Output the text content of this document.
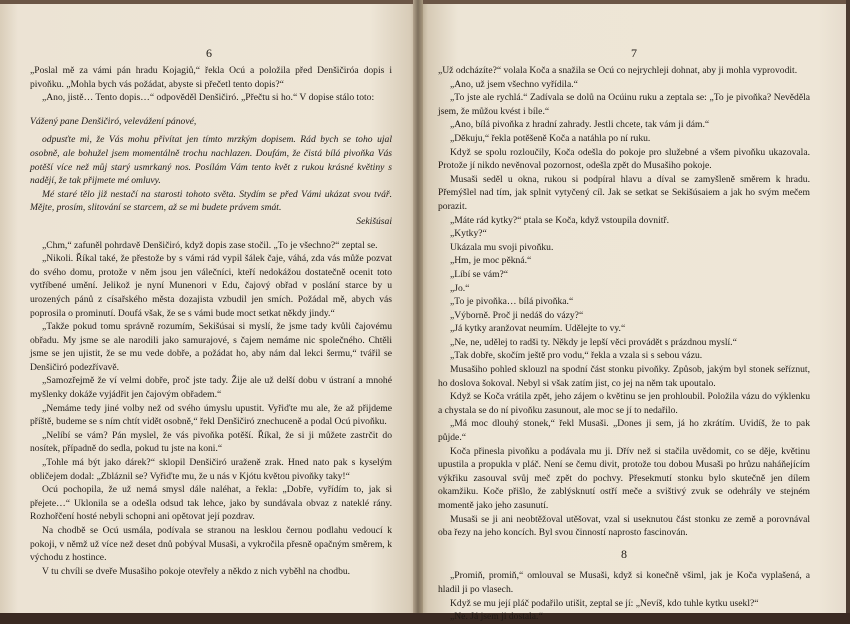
6

„Poslal mě za vámi pán hradu Kojagiů,“ řekla Ocú a položila před Denšičiróa dopis i pivoňku. „Mohla bych vás požádat, abyste si přečetl tento dopis?“

„Ano, jistě… Tento dopis…“ odpověděl Denšičiró. „Přečtu si ho.“ V dopise stálo toto:

Vážený pane Denšičiró, velevážení pánové,

odpusťte mi, že Vás mohu přivítat jen tímto mrzkým dopisem. Rád bych se toho ujal osobně, ale bohužel jsem momentálně trochu nachlazen. Doufám, že čistá bílá pivoňka Vás potěší více než můj starý usmrkaný nos. Posílám Vám tento květ z rukou krásné květiny s nadějí, že tak přijmete mé omluvy.

Mé staré tělo již nestačí na starosti tohoto světa. Stydím se před Vámi ukázat svou tvář. Mějte, prosím, slitování se starcem, až se mi budete právem smát.

Sekišúsai

„Chm,“ zafuněl pohrdavě Denšičiró, když dopis zase stočil. „To je všechno?“ zeptal se.

„Nikoli. Říkal také, že přestože by s vámi rád vypil šálek čaje, váhá, zda vás může pozvat do svého domu, protože v něm jsou jen válečníci, kteří nedokážou dostatečně ocenit toto vytříbené umění. Jelikož je nyní Munenori v Edu, čajový obřad v poslání starce by u urozených pánů z císařského města dozajista vzbudil jen smích. Požádal mě, abych vás poprosila o prominutí. Doufá však, že se s vámi bude moct setkat někdy jindy.“

„Takže pokud tomu správně rozumím, Sekišúsai si myslí, že jsme tady kvůli čajovému obřadu. My jsme se ale narodili jako samurajové, s čajem nemáme nic společného. Chtěli jsme se jen ujistit, že se mu vede dobře, a požádat ho, aby nám dal lekci šermu,“ tvářil se Denšičiró podezřívavě.

„Samozřejmě že ví velmi dobře, proč jste tady. Žije ale už delší dobu v ústraní a mnohé myšlenky dokáže vyjádřit jen čajovým obřadem.“

„Nemáme tedy jiné volby než od svého úmyslu upustit. Vyřiďte mu ale, že až přijdeme příště, budeme se s ním chtít vidět osobně,“ řekl Denšičiró znechuceně a podal Ocú pivoňku.

„Nelíbí se vám? Pán myslel, že vás pivoňka potěší. Říkal, že si ji můžete zastrčit do nosítek, případně do sedla, pokud tu jste na koni.“

„Tohle má být jako dárek?“ sklopil Denšičiró uraženě zrak. Hned nato pak s kyselým obličejem dodal: „Zbláznil se? Vyřiďte mu, že u nás v Kjótu květou pivoňky taky!“

Ocú pochopila, že už nemá smysl dále naléhat, a řekla: „Dobře, vyřídím to, jak si přejete…“ Uklonila se a odešla odsud tak lehce, jako by sundávala obvaz z nateklé rány. Rozhořčení hosté nebyli schopni ani opětovat její pozdrav.

Na chodbě se Ocú usmála, podívala se stranou na lesklou černou podlahu vedoucí k pokoji, v němž už více než deset dnů pobýval Musaši, a vykročila přesně opačným směrem, k východu z hostince.

V tu chvíli se dveře Musašiho pokoje otevřely a někdo z nich vyběhl na chodbu.

7

„Už odcházíte?“ volala Koča a snažila se Ocú co nejrychleji dohnat, aby ji mohla vyprovodit.

„Ano, už jsem všechno vyřídila.“

„To jste ale rychlá.“ Zadívala se dolů na Ocúinu ruku a zeptala se: „To je pivoňka? Nevěděla jsem, že můžou kvést i bíle.“

„Ano, bílá pivoňka z hradní zahrady. Jestli chcete, tak vám ji dám.“

„Děkuju,“ řekla potěšeně Koča a natáhla po ní ruku.

Když se spolu rozloučily, Koča odešla do pokoje pro služebné a všem pivoňku ukazovala. Protože jí nikdo nevěnoval pozornost, odešla zpět do Musašiho pokoje.

Musaši seděl u okna, rukou si podpíral hlavu a díval se zamyšleně směrem k hradu. Přemýšlel nad tím, jak splnit vytyčený cíl. Jak se setkat se Sekišúsaiem a jak ho svým mečem porazit.

„Máte rád kytky?“ ptala se Koča, když vstoupila dovnitř.

„Kytky?“

Ukázala mu svoji pivoňku.

„Hm, je moc pěkná.“

„Líbí se vám?“

„Jo.“

„To je pivoňka… bílá pivoňka.“

„Výborně. Proč ji nedáš do vázy?“

„Já kytky aranžovat neumím. Udělejte to vy.“

„Ne, ne, udělej to radši ty. Někdy je lepší věci provádět s prázdnou myslí.“

„Tak dobře, skočím ještě pro vodu,“ řekla a vzala si s sebou vázu.

Musašiho pohled sklouzl na spodní část stonku pivoňky. Způsob, jakým byl stonek seříznut, ho doslova šokoval. Nebyl si však zatím jist, co jej na něm tak upoutalo.

Když se Koča vrátila zpět, jeho zájem o květinu se jen prohloubil. Položila vázu do výklenku a chystala se do ní pivoňku zasunout, ale moc se jí to nedařilo.

„Má moc dlouhý stonek,“ řekl Musaši. „Dones ji sem, já ho zkrátím. Uvidíš, že to pak půjde.“

Koča přinesla pivoňku a podávala mu ji. Dřív než si stačila uvědomit, co se děje, květinu upustila a propukla v pláč. Není se čemu divit, protože tou dobou Musaši po hrůzu naháňejícím výkřiku zasouval svůj meč zpět do pochvy. Přesekmutí stonku bylo skutečně jen dílem okamžiku. Koče přišlo, že zablýsknutí ostří meče a svištivý zvuk se odehrály ve stejném momentě jako jeho zasunutí.

Musaši se ji ani neobtěžoval utěšovat, vzal si useknutou část stonku ze země a porovnával oba řezy na jeho koncích. Byl svou činností naprosto fascinován.

8

„Promiň, promiň,“ omlouval se Musaši, když si konečně všiml, jak je Koča vyplašená, a hladil ji po vlasech.

Když se mu její pláč podařilo utišit, zeptal se jí: „Nevíš, kdo tuhle kytku usekl?“

„Ne. Já jsem ji dostala.“
